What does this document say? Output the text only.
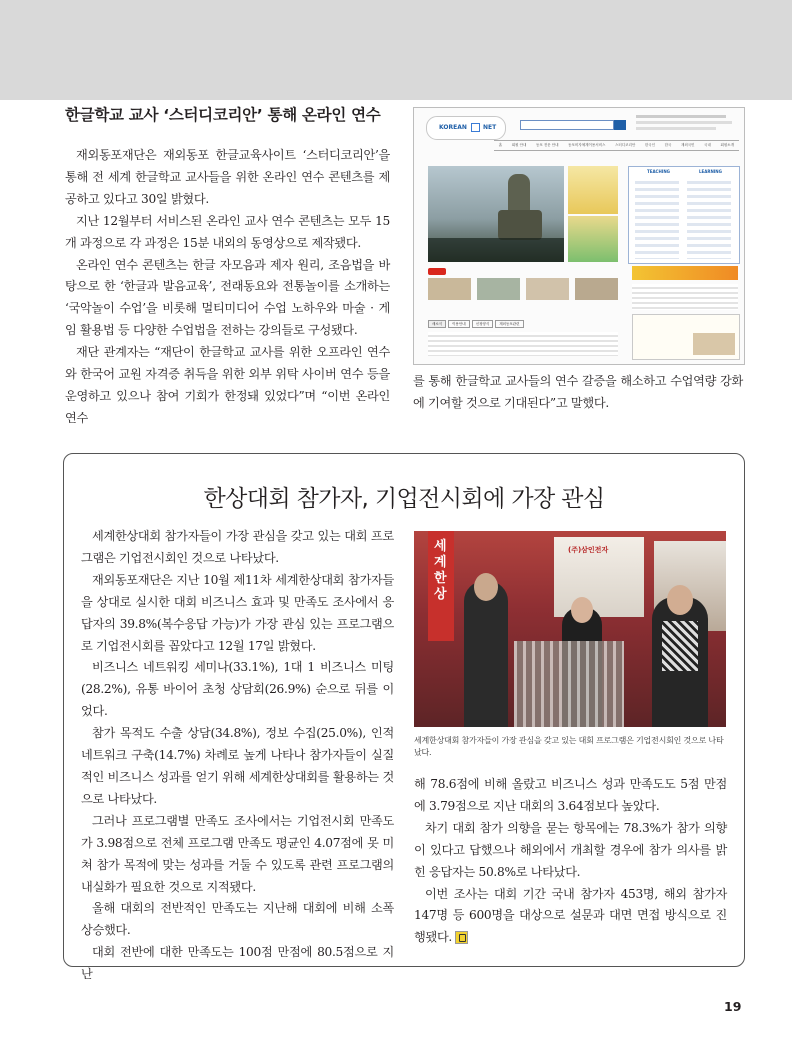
한글학교 교사 ‘스터디코리안’ 통해 온라인 연수

재외동포재단은 재외동포 한글교육사이트 ‘스터디코리안’을 통해 전 세계 한글학교 교사들을 위한 온라인 연수 콘텐츠를 제공하고 있다고 30일 밝혔다.

지난 12월부터 서비스된 온라인 교사 연수 콘텐츠는 모두 15개 과정으로 각 과정은 15분 내외의 동영상으로 제작됐다.

온라인 연수 콘텐츠는 한글 자모음과 제자 원리, 조음법을 바탕으로 한 ‘한글과 발음교육’, 전래동요와 전통놀이를 소개하는 ‘국악놀이 수업’을 비롯해 멀티미디어 수업 노하우와 마술 · 게임 활용법 등 다양한 수업법을 전하는 강의들로 구성됐다.

재단 관계자는 “재단이 한글학교 교사를 위한 오프라인 연수와 한국어 교원 자격증 취득을 위한 외부 위탁 사이버 연수 등을 운영하고 있으나 참여 기회가 한정돼 있었다”며 “이번 온라인 연수

KOREAN	NET
홈	회원 안내	동포 전문 안내	동포비자체계이용서비스	스터디코리안	한국인	한국	재외국민	국내	회원소개
TEACHING	LEARNING
새소식	이용안내	신청양식	재외동포관련

를 통해 한글학교 교사들의 연수 갈증을 해소하고 수업역량 강화에 기여할 것으로 기대된다”고 말했다.

한상대회 참가자, 기업전시회에 가장 관심

세계한상대회 참가자들이 가장 관심을 갖고 있는 대회 프로그램은 기업전시회인 것으로 나타났다.

재외동포재단은 지난 10월 제11차 세계한상대회 참가자들을 상대로 실시한 대회 비즈니스 효과 및 만족도 조사에서 응답자의 39.8%(복수응답 가능)가 가장 관심 있는 프로그램으로 기업전시회를 꼽았다고 12월 17일 밝혔다.

비즈니스 네트워킹 세미나(33.1%), 1대 1 비즈니스 미팅(28.2%), 유통 바이어 초청 상담회(26.9%) 순으로 뒤를 이었다.

참가 목적도 수출 상담(34.8%), 정보 수집(25.0%), 인적 네트워크 구축(14.7%) 차례로 높게 나타나 참가자들이 실질적인 비즈니스 성과를 얻기 위해 세계한상대회를 활용하는 것으로 나타났다.

그러나 프로그램별 만족도 조사에서는 기업전시회 만족도가 3.98점으로 전체 프로그램 만족도 평균인 4.07점에 못 미쳐 참가 목적에 맞는 성과를 거둘 수 있도록 관련 프로그램의 내실화가 필요한 것으로 지적됐다.

올해 대회의 전반적인 만족도는 지난해 대회에 비해 소폭 상승했다.

대회 전반에 대한 만족도는 100점 만점에 80.5점으로 지난

세계한상
(주)삼인전자
세계한상대회 참가자들이 가장 관심을 갖고 있는 대회 프로그램은 기업전시회인 것으로 나타났다.

해 78.6점에 비해 올랐고 비즈니스 성과 만족도도 5점 만점에 3.79점으로 지난 대회의 3.64점보다 높았다.

차기 대회 참가 의향을 묻는 항목에는 78.3%가 참가 의향이 있다고 답했으나 해외에서 개최할 경우에 참가 의사를 밝힌 응답자는 50.8%로 나타났다.

이번 조사는 대회 기간 국내 참가자 453명, 해외 참가자 147명 등 600명을 대상으로 설문과 대면 면접 방식으로 진행됐다.

19
